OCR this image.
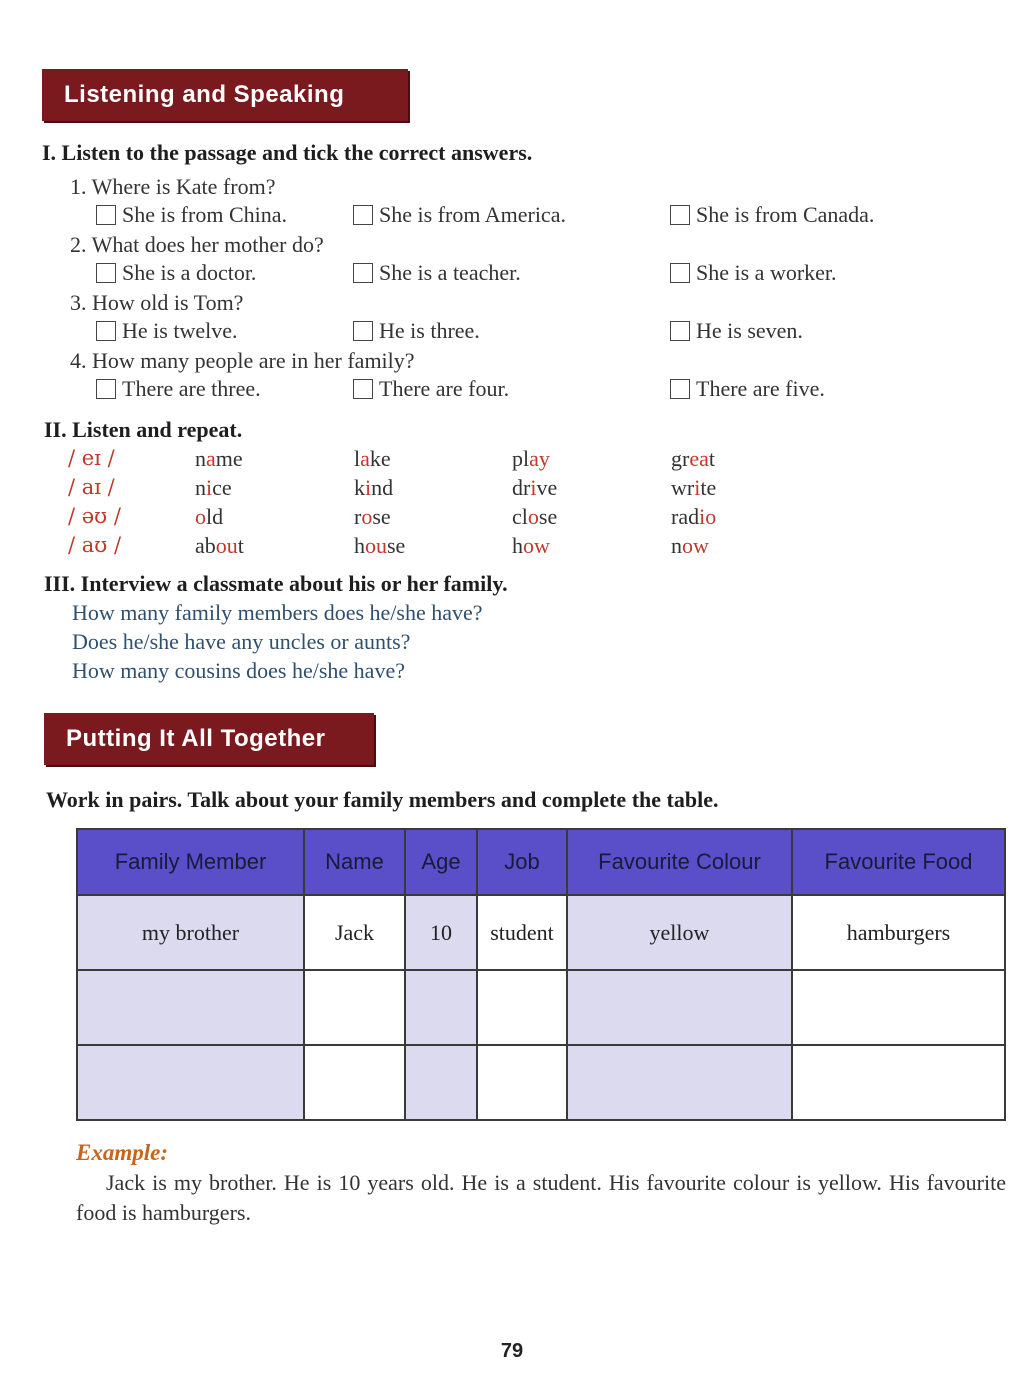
Listening and Speaking
I. Listen to the passage and tick the correct answers.
1. Where is Kate from?
She is from China.	She is from America.	She is from Canada.
2. What does her mother do?
She is a doctor.	She is a teacher.	She is a worker.
3. How old is Tom?
He is twelve.	He is three.	He is seven.
4. How many people are in her family?
There are three.	There are four.	There are five.
II. Listen and repeat.
/ eɪ /	name	lake	play	great
/ aɪ /	nice	kind	drive	write
/ əʊ /	old	rose	close	radio
/ aʊ /	about	house	how	now
III. Interview a classmate about his or her family.
How many family members does he/she have?
Does he/she have any uncles or aunts?
How many cousins does he/she have?
Putting It All Together
Work in pairs. Talk about your family members and complete the table.
Family Member	Name	Age	Job	Favourite Colour	Favourite Food
my brother	Jack	10	student	yellow	hamburgers

Example:
Jack is my brother. He is 10 years old. He is a student. His favourite colour is yellow. His favourite food is hamburgers.
79
